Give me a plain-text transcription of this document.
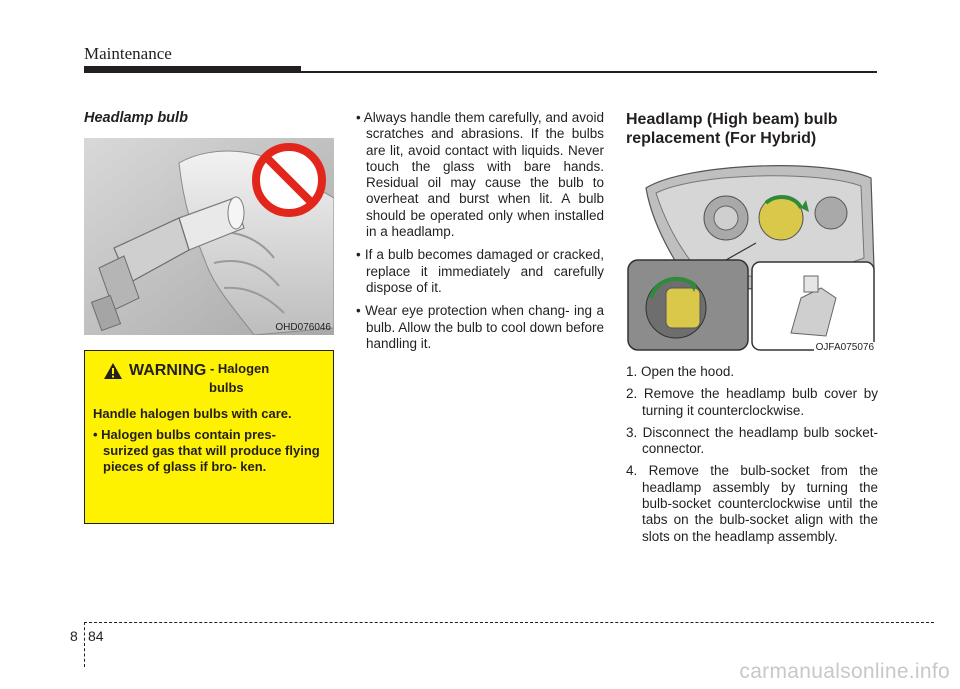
Maintenance
Headlamp bulb
OHD076046
WARNING - Halogen
bulbs
Handle halogen bulbs with care.
• Halogen bulbs contain pres- surized gas that will produce flying pieces of glass if bro- ken.
• Always handle them carefully, and avoid scratches and abrasions. If the bulbs are lit, avoid contact with liquids. Never touch the glass with bare hands. Residual oil may cause the bulb to overheat and burst when lit. A bulb should be operated only when installed in a headlamp.
• If a bulb becomes damaged or cracked, replace it immediately and carefully dispose of it.
• Wear eye protection when chang- ing a bulb. Allow the bulb to cool down before handling it.
Headlamp (High beam) bulb
replacement (For Hybrid)
OJFA075076
1. Open the hood.
2. Remove the headlamp bulb cover by turning it counterclockwise.
3. Disconnect the headlamp bulb socket-connector.
4. Remove the bulb-socket from the headlamp assembly by turning the bulb-socket counterclockwise until the tabs on the bulb-socket align with the slots on the headlamp assembly.
8 84
carmanualsonline.info
